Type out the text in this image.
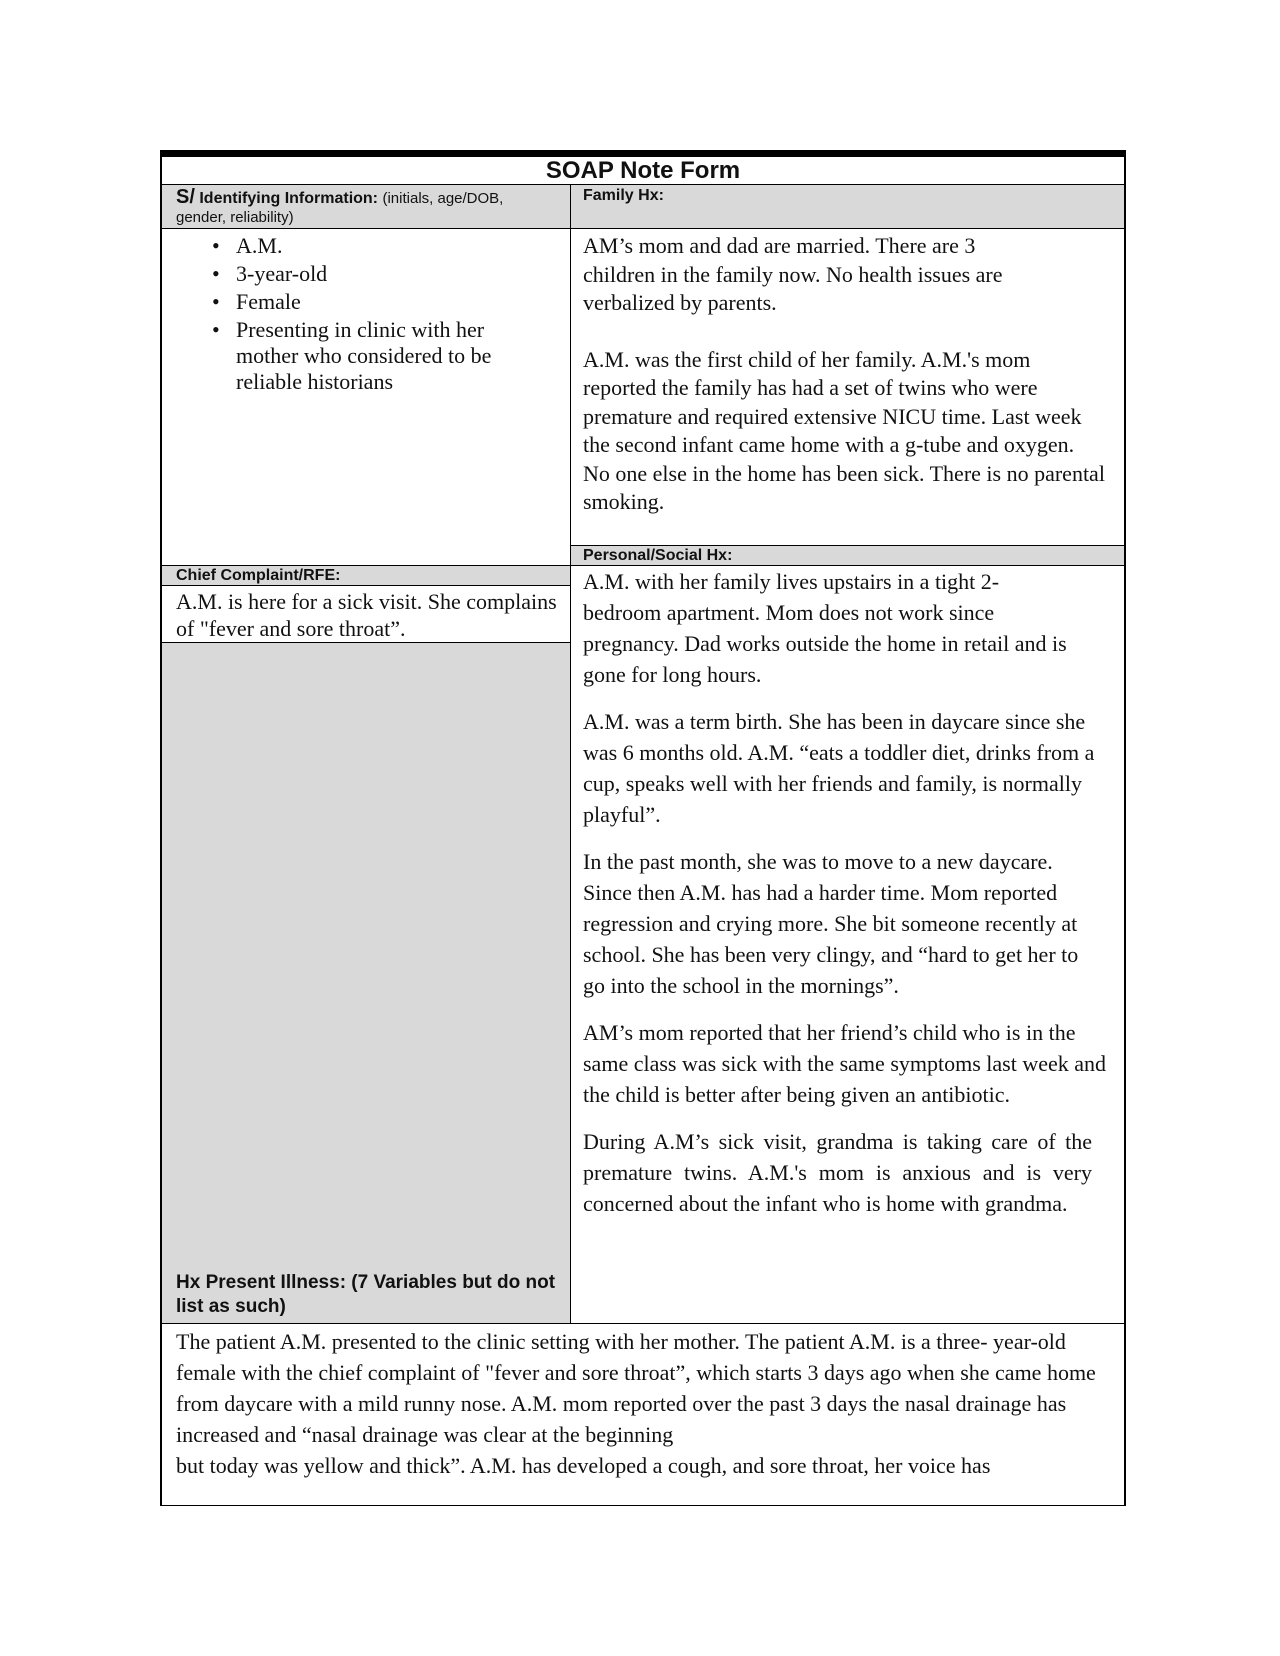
SOAP Note Form
S/ Identifying Information: (initials, age/DOB,
gender, reliability)
Family Hx:
• A.M.
• 3-year-old
• Female
• Presenting in clinic with her mother who considered to be reliable historians

AM’s mom and dad are married. There are 3 children in the family now. No health issues are verbalized by parents.

A.M. was the first child of her family. A.M.'s mom reported the family has had a set of twins who were premature and required extensive NICU time. Last week the second infant came home with a g-tube and oxygen. No one else in the home has been sick. There is no parental smoking.

Personal/Social Hx:
Chief Complaint/RFE:
A.M. is here for a sick visit. She complains of "fever and sore throat”.
Hx Present Illness: (7 Variables but do not list as such)

A.M. with her family lives upstairs in a tight 2-bedroom apartment. Mom does not work since pregnancy. Dad works outside the home in retail and is gone for long hours.

A.M. was a term birth. She has been in daycare since she was 6 months old. A.M. “eats a toddler diet, drinks from a cup, speaks well with her friends and family, is normally playful”.

In the past month, she was to move to a new daycare. Since then A.M. has had a harder time. Mom reported regression and crying more. She bit someone recently at school. She has been very clingy, and “hard to get her to go into the school in the mornings”.

AM’s mom reported that her friend’s child who is in the same class was sick with the same symptoms last week and the child is better after being given an antibiotic.

During A.M’s sick visit, grandma is taking care of the premature twins. A.M.'s mom is anxious and is very concerned about the infant who is home with grandma.

The patient A.M. presented to the clinic setting with her mother. The patient A.M. is a three- year-old female with the chief complaint of "fever and sore throat”, which starts 3 days ago when she came home from daycare with a mild runny nose. A.M. mom reported over the past 3 days the nasal drainage has increased and “nasal drainage was clear at the beginning

but today was yellow and thick”. A.M. has developed a cough, and sore throat, her voice has
